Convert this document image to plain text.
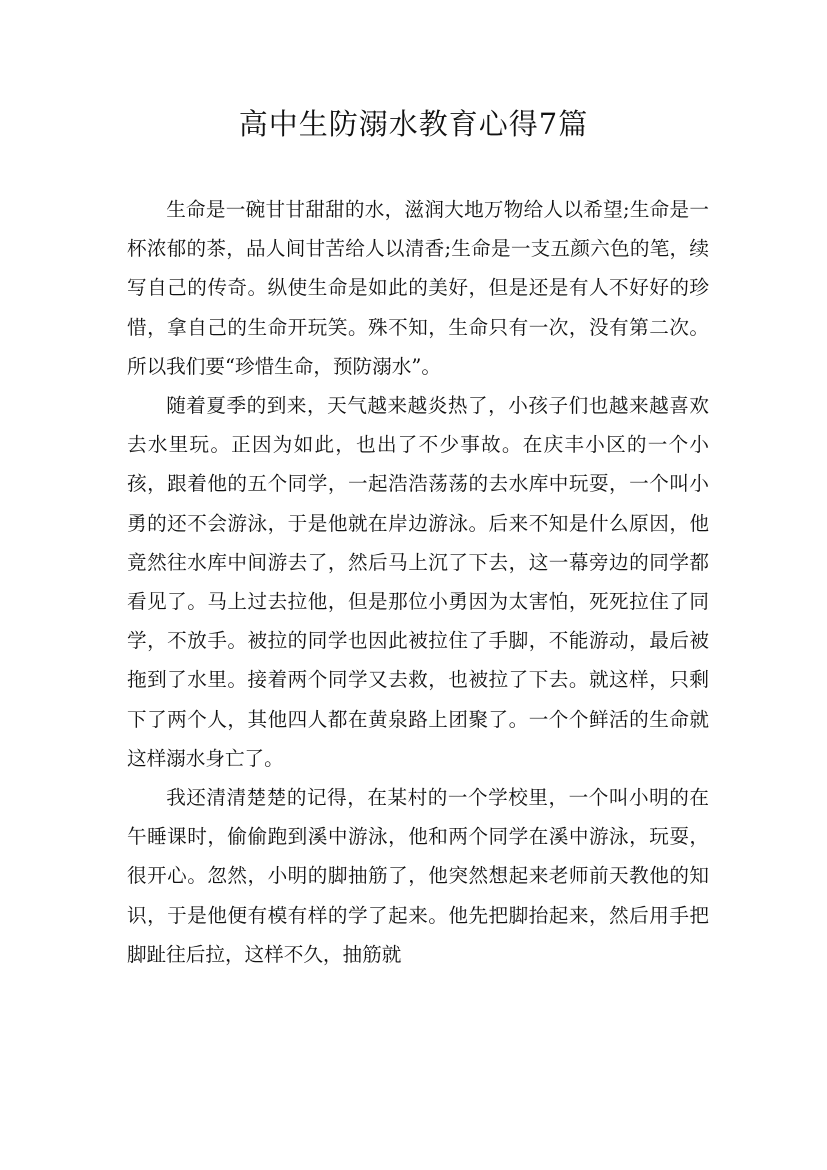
高中生防溺水教育心得7篇

生命是一碗甘甘甜甜的水，滋润大地万物给人以希望;生命是一杯浓郁的茶，品人间甘苦给人以清香;生命是一支五颜六色的笔，续写自己的传奇。纵使生命是如此的美好，但是还是有人不好好的珍惜，拿自己的生命开玩笑。殊不知，生命只有一次，没有第二次。所以我们要“珍惜生命，预防溺水”。

随着夏季的到来，天气越来越炎热了，小孩子们也越来越喜欢去水里玩。正因为如此，也出了不少事故。在庆丰小区的一个小孩，跟着他的五个同学，一起浩浩荡荡的去水库中玩耍，一个叫小勇的还不会游泳，于是他就在岸边游泳。后来不知是什么原因，他竟然往水库中间游去了，然后马上沉了下去，这一幕旁边的同学都看见了。马上过去拉他，但是那位小勇因为太害怕，死死拉住了同学，不放手。被拉的同学也因此被拉住了手脚，不能游动，最后被拖到了水里。接着两个同学又去救，也被拉了下去。就这样，只剩下了两个人，其他四人都在黄泉路上团聚了。一个个鲜活的生命就这样溺水身亡了。

我还清清楚楚的记得，在某村的一个学校里，一个叫小明的在午睡课时，偷偷跑到溪中游泳，他和两个同学在溪中游泳，玩耍，很开心。忽然，小明的脚抽筋了，他突然想起来老师前天教他的知识，于是他便有模有样的学了起来。他先把脚抬起来，然后用手把脚趾往后拉，这样不久，抽筋就
